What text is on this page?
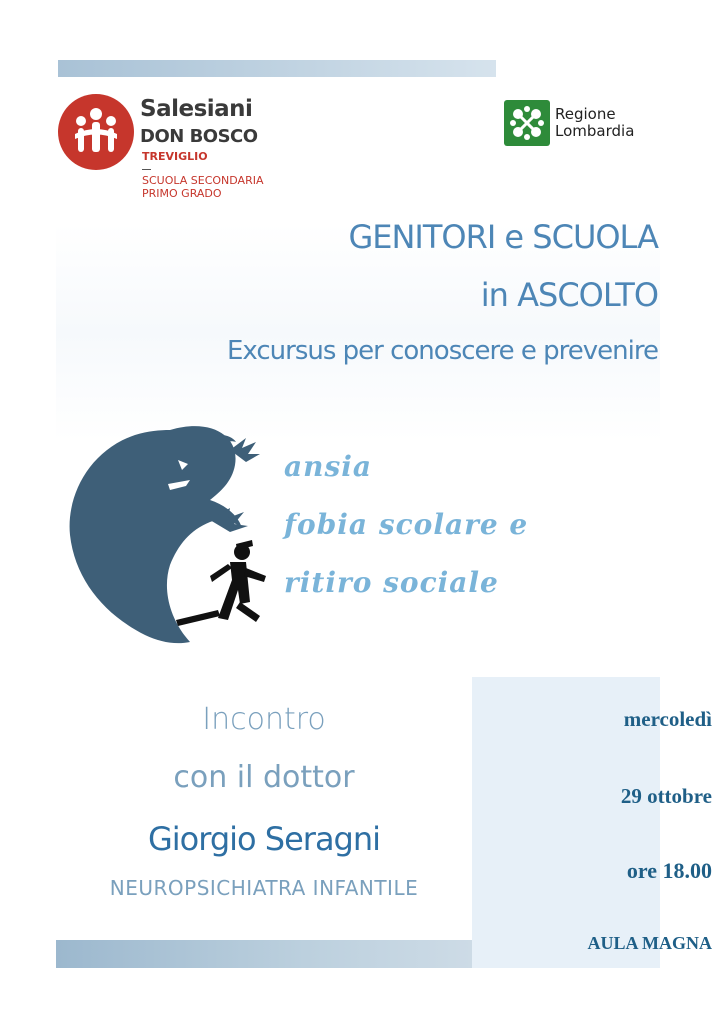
Salesiani
DON BOSCO
TREVIGLIO
SCUOLA SECONDARIA
PRIMO GRADO
Regione
Lombardia
GENITORI e SCUOLA
in ASCOLTO
Excursus per conoscere e prevenire
ansia
fobia scolare e
ritiro sociale
mercoledì
29 ottobre
ore 18.00
AULA MAGNA
Incontro
con il dottor
Giorgio Seragni
NEUROPSICHIATRA INFANTILE
